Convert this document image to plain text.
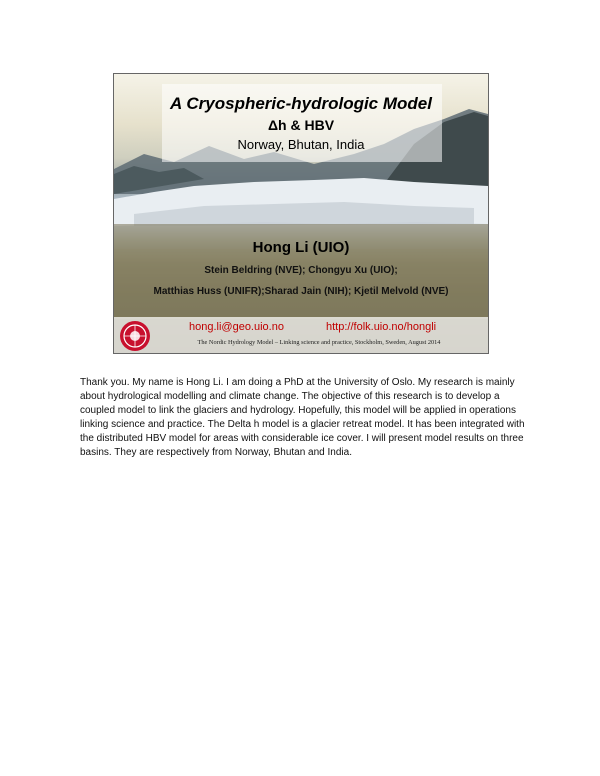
A Cryospheric-hydrologic Model
Δh & HBV
Norway, Bhutan, India
Hong Li (UIO)
Stein Beldring (NVE); Chongyu Xu (UIO);
Matthias Huss (UNIFR);Sharad Jain (NIH); Kjetil Melvold (NVE)
hong.li@geo.uio.no	http://folk.uio.no/hongli
The Nordic Hydrology Model – Linking science and practice, Stockholm, Sweden, August 2014

Thank you. My name is Hong Li. I am doing a PhD at the University of Oslo. My research is mainly about hydrological modelling and climate change. The objective of this research is to develop a coupled model to link the glaciers and hydrology. Hopefully, this model will be applied in operations linking science and practice. The Delta h model is a glacier retreat model. It has been integrated with the distributed HBV model for areas with considerable ice cover. I will present model results on three basins. They are respectively from Norway, Bhutan and India.
